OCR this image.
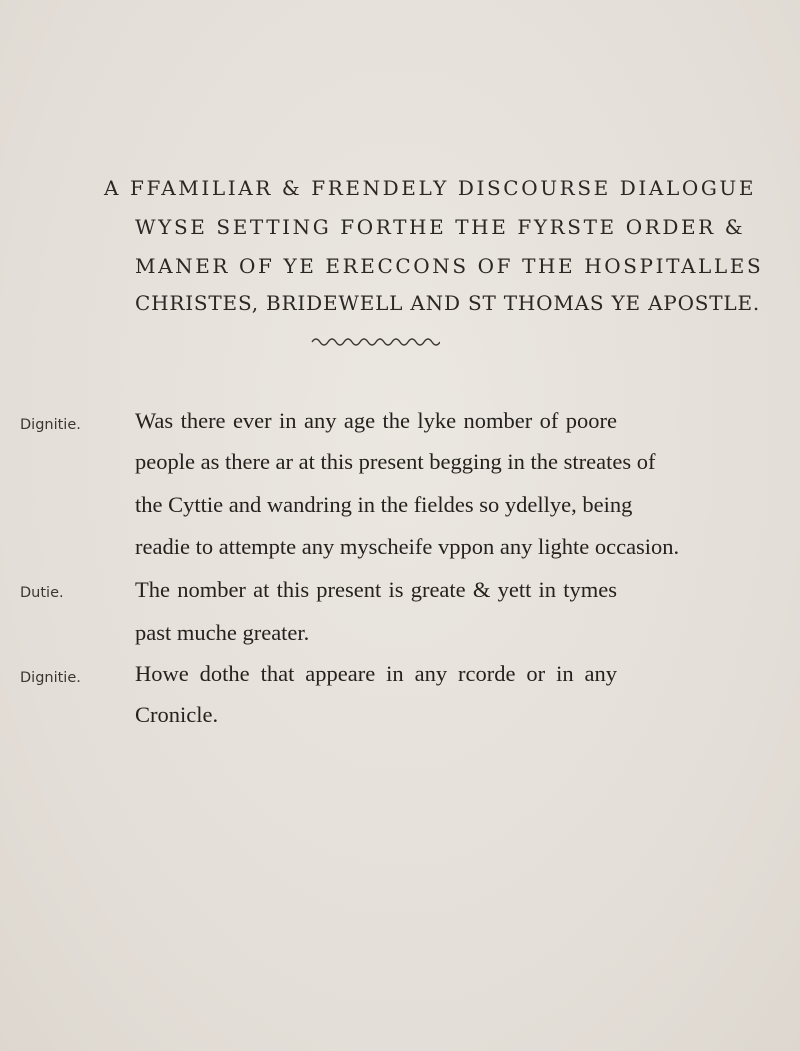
A FFAMILIAR & FRENDELY DISCOURSE DIALOGUE
WYSE SETTING FORTHE THE FYRSTE ORDER &
MANER OF YE ERECCONS OF THE HOSPITALLES
CHRISTES, BRIDEWELL AND ST THOMAS YE APOSTLE.
Dignitie.
Dutie.
Dignitie.
Was there ever in any age the lyke nomber of poore
people as there ar at this present begging in the streates of
the Cyttie and wandring in the fieldes so ydellye, being
readie to attempte any myscheife vppon any lighte occasion.
The nomber at this present is greate & yett in tymes
past muche greater.
Howe dothe that appeare in any rcorde or in any
Cronicle.
